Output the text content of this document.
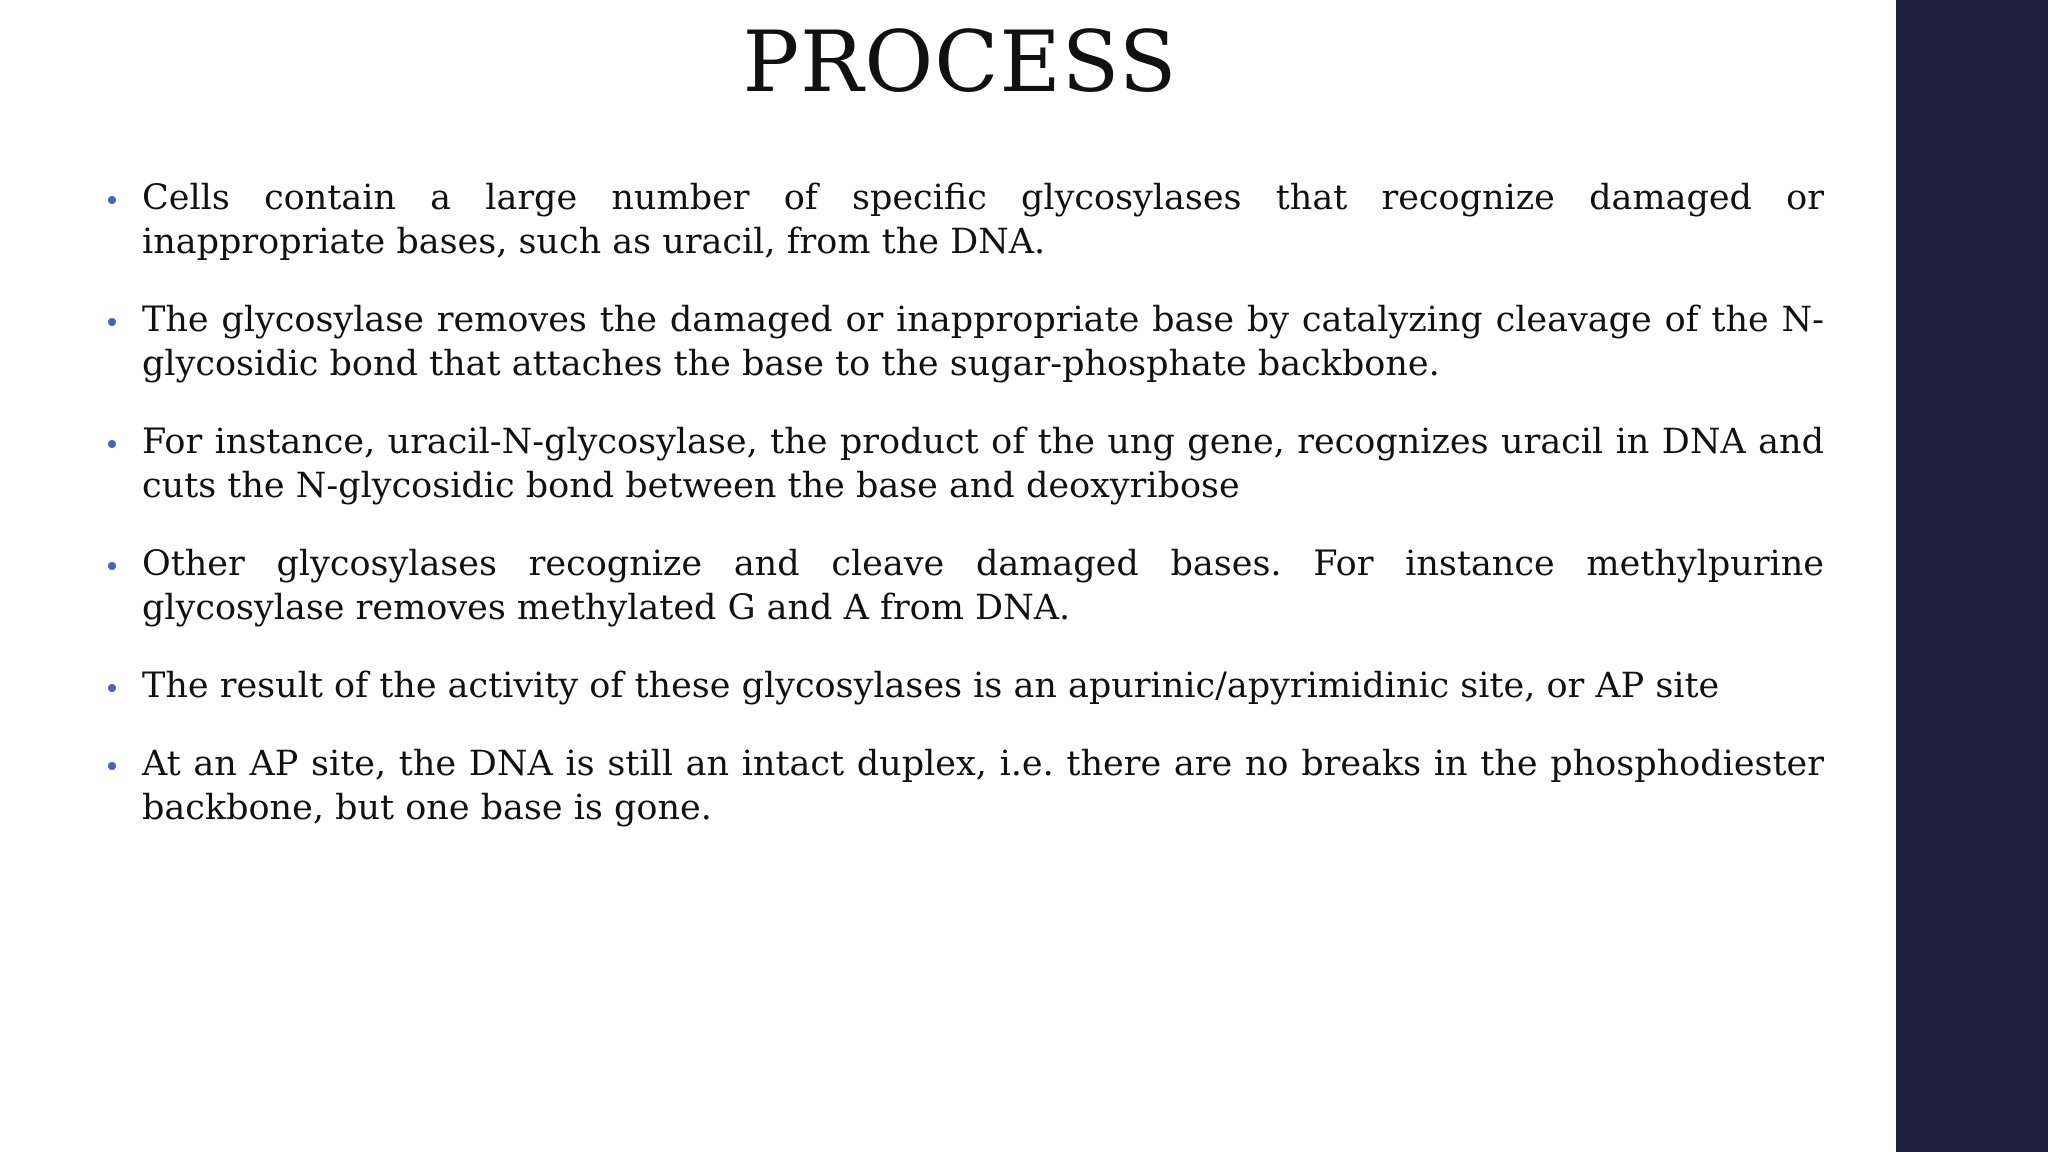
PROCESS
Cells contain a large number of specific glycosylases that recognize damaged or inappropriate bases, such as uracil, from the DNA.
The glycosylase removes the damaged or inappropriate base by catalyzing cleavage of the N-glycosidic bond that attaches the base to the sugar-phosphate backbone.
For instance, uracil-N-glycosylase, the product of the ung gene, recognizes uracil in DNA and cuts the N-glycosidic bond between the base and deoxyribose
Other glycosylases recognize and cleave damaged bases. For instance methylpurine glycosylase removes methylated G and A from DNA.
The result of the activity of these glycosylases is an apurinic/apyrimidinic site, or AP site
At an AP site, the DNA is still an intact duplex, i.e. there are no breaks in the phosphodiester backbone, but one base is gone.
